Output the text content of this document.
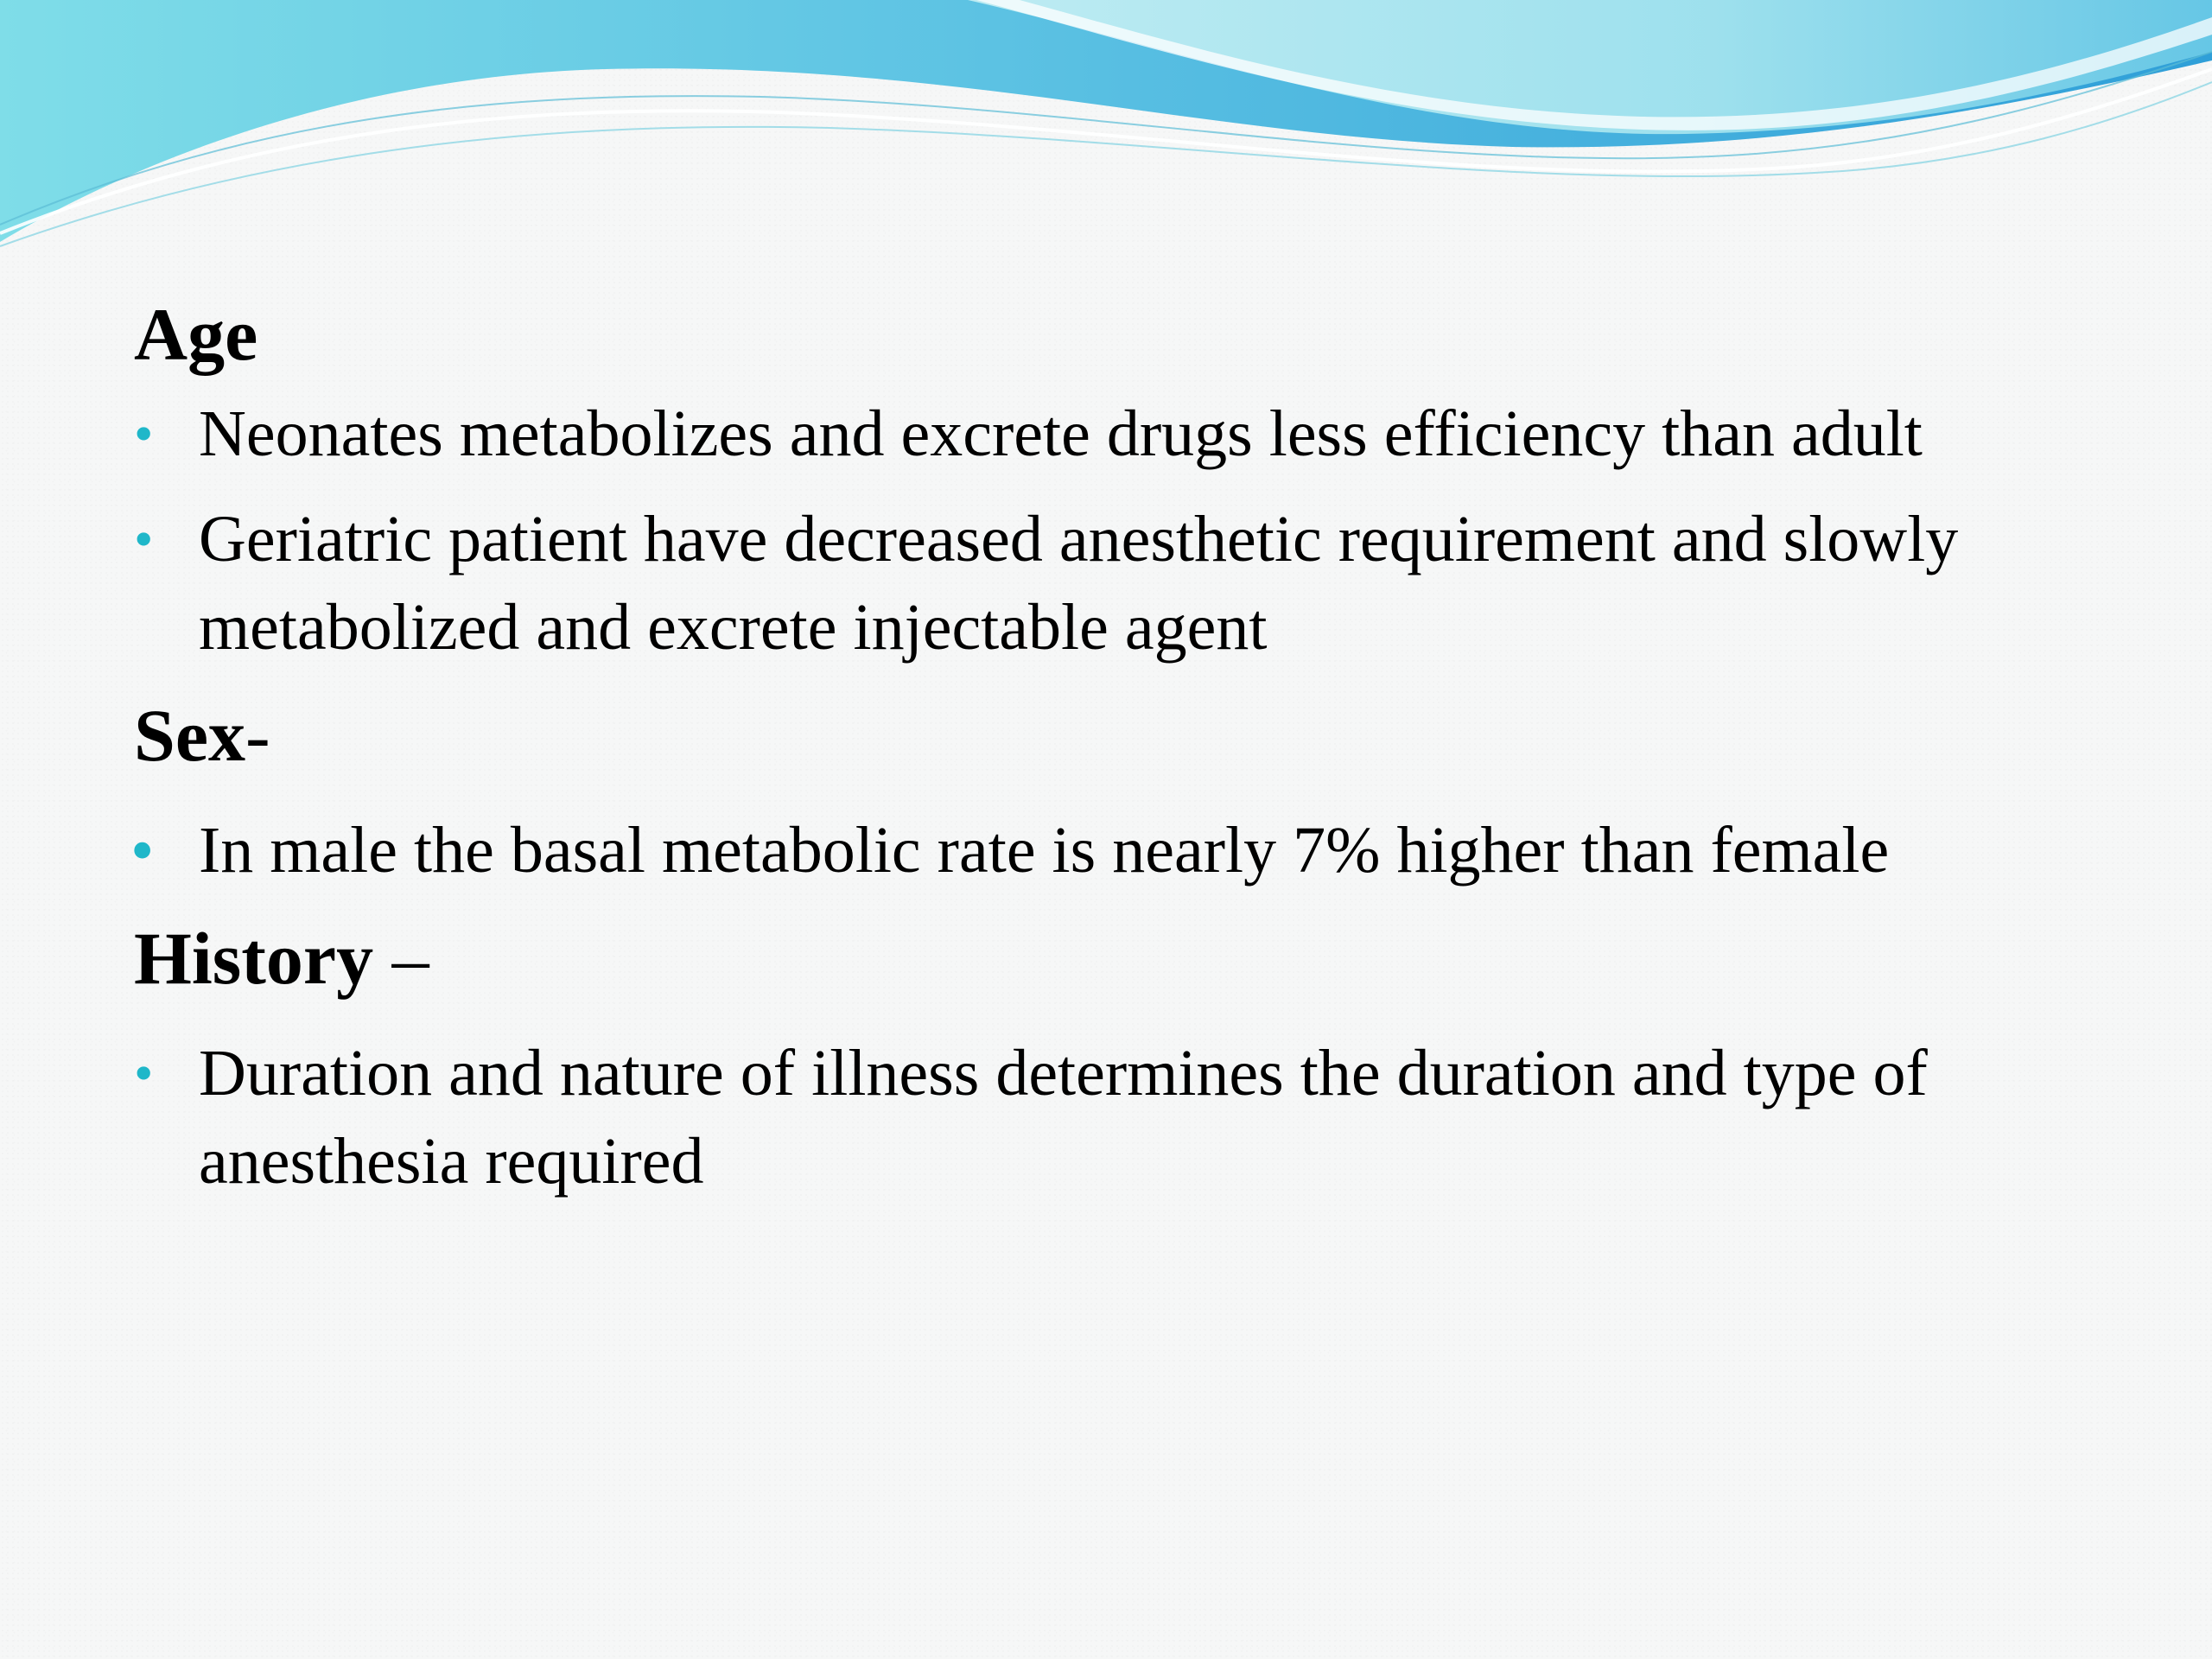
Age
• Neonates metabolizes and excrete drugs less efficiency than adult
• Geriatric patient have decreased anesthetic requirement and slowly metabolized and excrete injectable agent
Sex-
• In male the basal metabolic rate is nearly 7% higher than female
History –
• Duration and nature of illness determines the duration and type of anesthesia required
